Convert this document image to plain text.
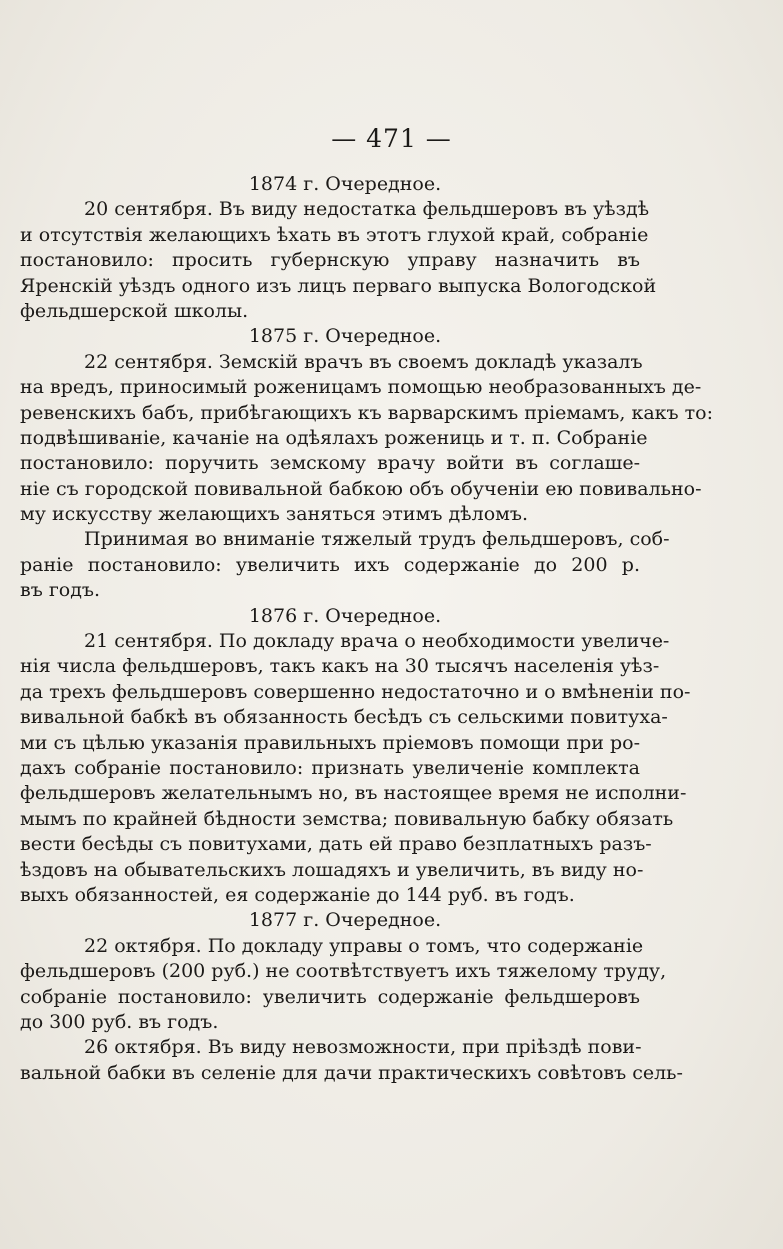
— 471 —
1874 г. Очередное.
20 сентября. Въ виду недостатка фельдшеровъ въ уѣздѣ
и отсутствія желающихъ ѣхать въ этотъ глухой край, собраніе
постановило: просить губернскую управу назначить въ
Яренскій уѣздъ одного изъ лицъ перваго выпуска Вологодской
фельдшерской школы.
1875 г. Очередное.
22 сентября. Земскій врачъ въ своемъ докладѣ указалъ
на вредъ, приносимый роженицамъ помощью необразованныхъ де-
ревенскихъ бабъ, прибѣгающихъ къ варварскимъ пріемамъ, какъ то:
подвѣшиваніе, качаніе на одѣялахъ рожениць и т. п. Собраніе
постановило: поручить земскому врачу войти въ соглаше-
ніе съ городской повивальной бабкою объ обученіи ею повивально-
му искусству желающихъ заняться этимъ дѣломъ.
Принимая во вниманіе тяжелый трудъ фельдшеровъ, соб-
раніе постановило: увеличить ихъ содержаніе до 200 р.
въ годъ.
1876 г. Очередное.
21 сентября. По докладу врача о необходимости увеличе-
нія числа фельдшеровъ, такъ какъ на 30 тысячъ населенія уѣз-
да трехъ фельдшеровъ совершенно недостаточно и о вмѣненіи по-
вивальной бабкѣ въ обязанность бесѣдъ съ сельскими повитуха-
ми съ цѣлью указанія правильныхъ пріемовъ помощи при ро-
дахъ собраніе постановило: признать увеличеніе комплекта
фельдшеровъ желательнымъ но, въ настоящее время не исполни-
мымъ по крайней бѣдности земства; повивальную бабку обязать
вести бесѣды съ повитухами, дать ей право безплатныхъ разъ-
ѣздовъ на обывательскихъ лошадяхъ и увеличить, въ виду но-
выхъ обязанностей, ея содержаніе до 144 руб. въ годъ.
1877 г. Очередное.
22 октября. По докладу управы о томъ, что содержаніе
фельдшеровъ (200 руб.) не соотвѣтствуетъ ихъ тяжелому труду,
собраніе постановило: увеличить содержаніе фельдшеровъ
до 300 руб. въ годъ.
26 октября. Въ виду невозможности, при пріѣздѣ пови-
вальной бабки въ селеніе для дачи практическихъ совѣтовъ сель-
